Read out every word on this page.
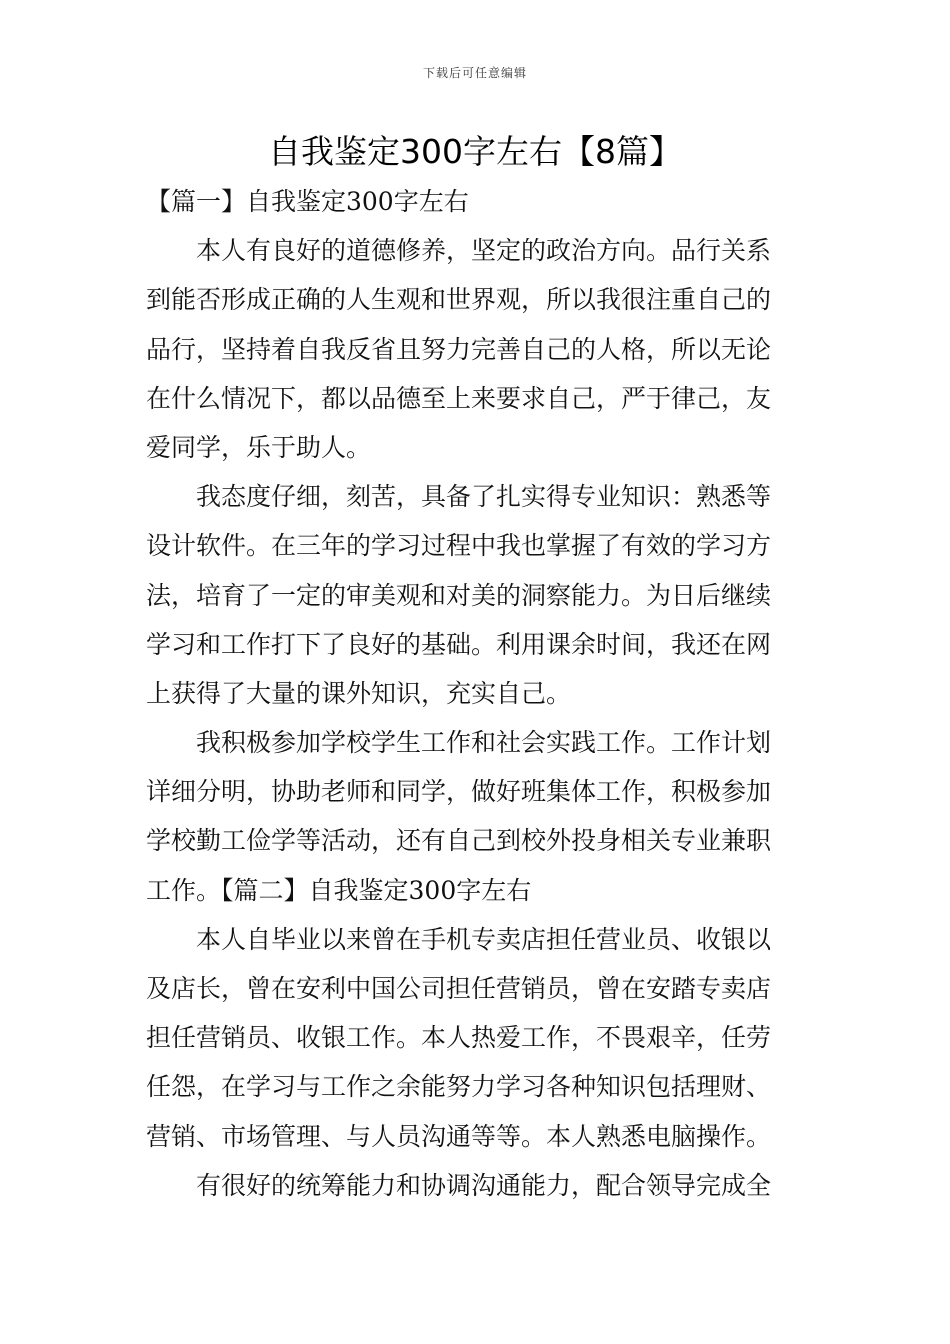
下载后可任意编辑
自我鉴定300字左右【8篇】
【篇一】自我鉴定300字左右
本人有良好的道德修养，坚定的政治方向。品行关系
到能否形成正确的人生观和世界观，所以我很注重自己的
品行，坚持着自我反省且努力完善自己的人格，所以无论
在什么情况下，都以品德至上来要求自己，严于律己，友
爱同学，乐于助人。
我态度仔细，刻苦，具备了扎实得专业知识：熟悉等
设计软件。在三年的学习过程中我也掌握了有效的学习方
法，培育了一定的审美观和对美的洞察能力。为日后继续
学习和工作打下了良好的基础。利用课余时间，我还在网
上获得了大量的课外知识，充实自己。
我积极参加学校学生工作和社会实践工作。工作计划
详细分明，协助老师和同学，做好班集体工作，积极参加
学校勤工俭学等活动，还有自己到校外投身相关专业兼职
工作。【篇二】自我鉴定300字左右
本人自毕业以来曾在手机专卖店担任营业员、收银以
及店长，曾在安利中国公司担任营销员，曾在安踏专卖店
担任营销员、收银工作。本人热爱工作，不畏艰辛，任劳
任怨，在学习与工作之余能努力学习各种知识包括理财、
营销、市场管理、与人员沟通等等。本人熟悉电脑操作。
有很好的统筹能力和协调沟通能力，配合领导完成全
